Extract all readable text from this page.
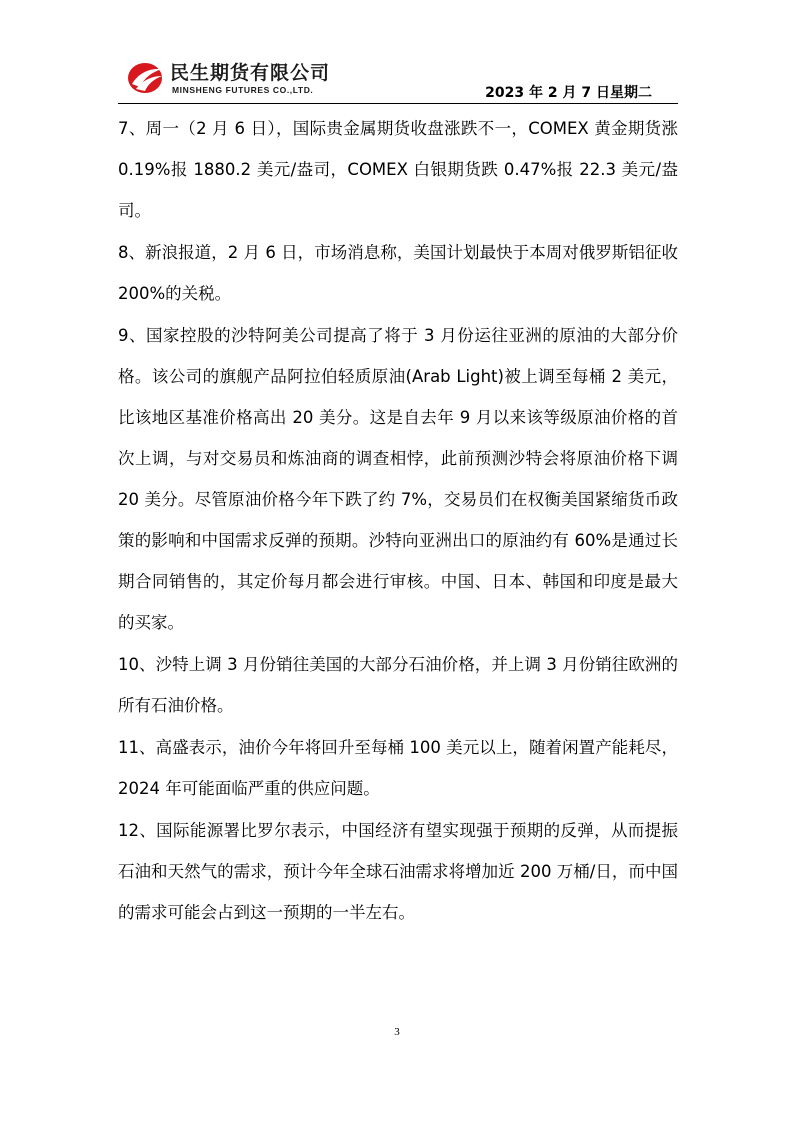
民生期货有限公司
MINSHENG FUTURES CO.,LTD.	2023 年 2 月 7 日星期二

7、周一（2 月 6 日），国际贵金属期货收盘涨跌不一，COMEX 黄金期货涨 0.19%报 1880.2 美元/盎司，COMEX 白银期货跌 0.47%报 22.3 美元/盎司。

8、新浪报道，2 月 6 日，市场消息称，美国计划最快于本周对俄罗斯铝征收 200%的关税。

9、国家控股的沙特阿美公司提高了将于 3 月份运往亚洲的原油的大部分价格。该公司的旗舰产品阿拉伯轻质原油(Arab Light)被上调至每桶 2 美元，比该地区基准价格高出 20 美分。这是自去年 9 月以来该等级原油价格的首次上调，与对交易员和炼油商的调查相悖，此前预测沙特会将原油价格下调 20 美分。尽管原油价格今年下跌了约 7%，交易员们在权衡美国紧缩货币政策的影响和中国需求反弹的预期。沙特向亚洲出口的原油约有 60%是通过长期合同销售的，其定价每月都会进行审核。中国、日本、韩国和印度是最大的买家。

10、沙特上调 3 月份销往美国的大部分石油价格，并上调 3 月份销往欧洲的所有石油价格。

11、高盛表示，油价今年将回升至每桶 100 美元以上，随着闲置产能耗尽，2024 年可能面临严重的供应问题。

12、国际能源署比罗尔表示，中国经济有望实现强于预期的反弹，从而提振石油和天然气的需求，预计今年全球石油需求将增加近 200 万桶/日，而中国的需求可能会占到这一预期的一半左右。

3
